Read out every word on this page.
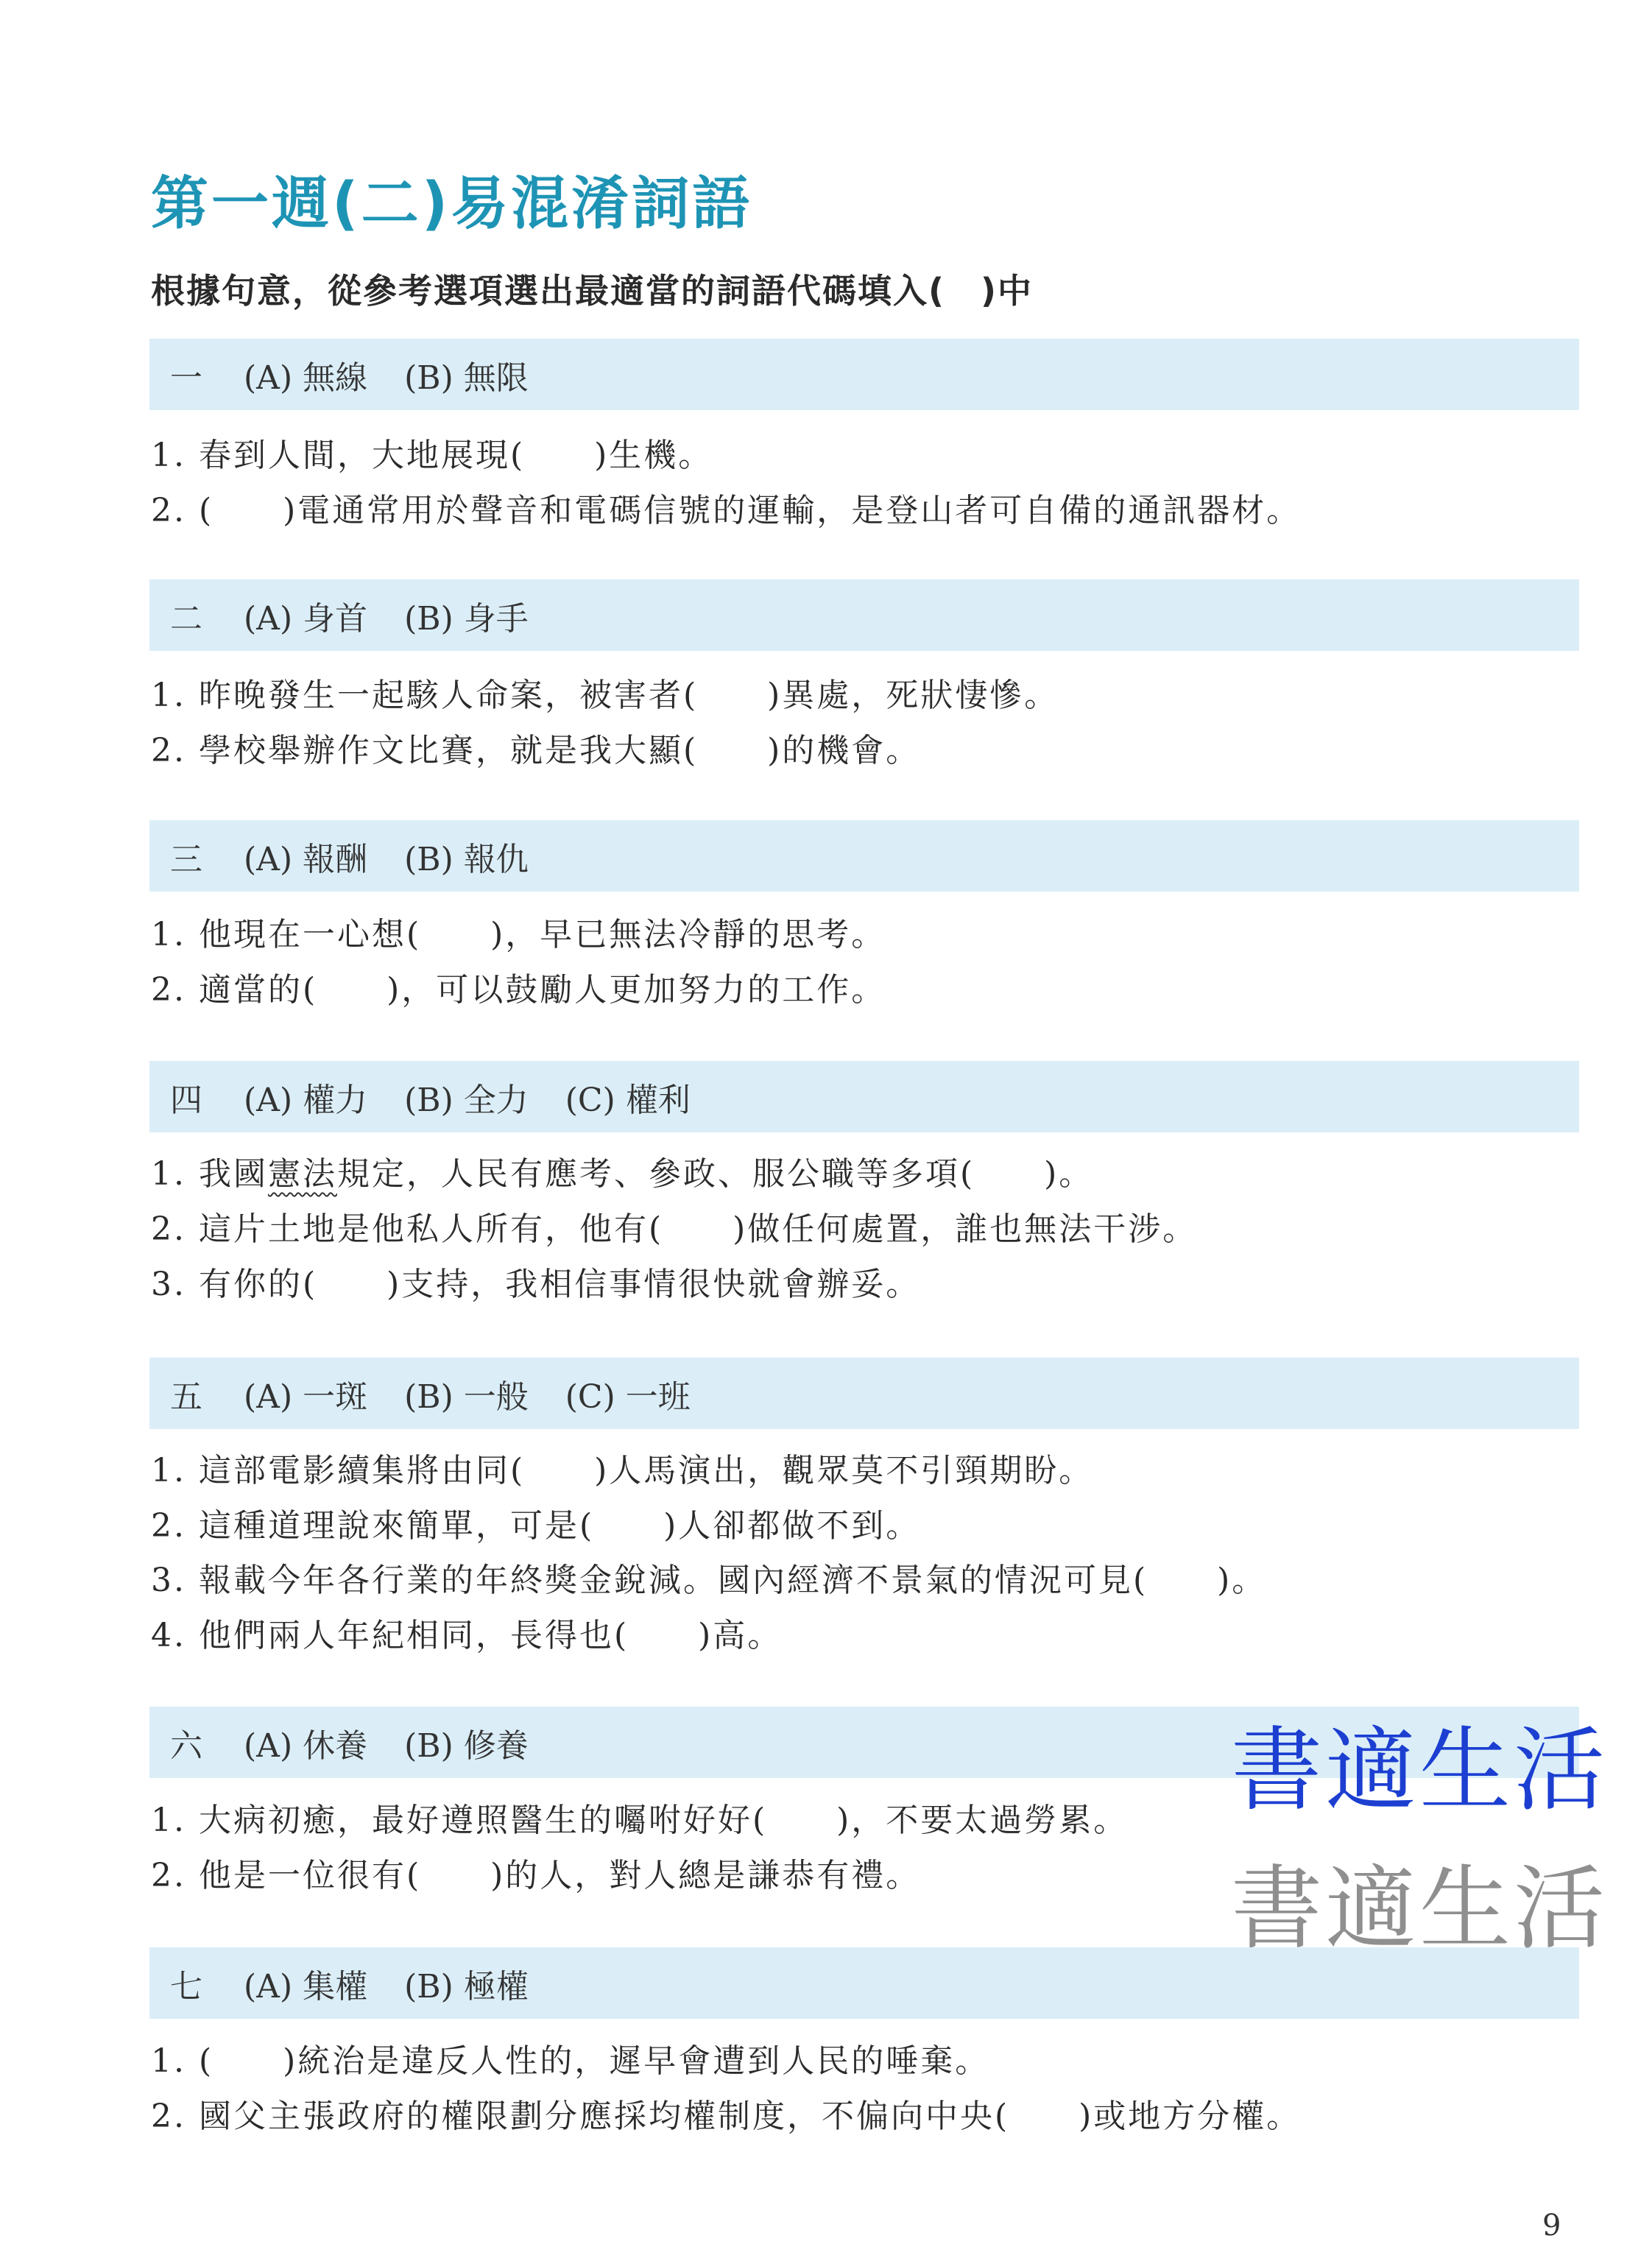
第一週(二)易混淆詞語

根據句意，從參考選項選出最適當的詞語代碼填入(　)中

一	(A) 無線 (B) 無限

1. 春到人間，大地展現(　　)生機。

2. (　　)電通常用於聲音和電碼信號的運輸，是登山者可自備的通訊器材。

二	(A) 身首 (B) 身手

1. 昨晚發生一起駭人命案，被害者(　　)異處，死狀悽慘。

2. 學校舉辦作文比賽，就是我大顯(　　)的機會。

三	(A) 報酬 (B) 報仇

1. 他現在一心想(　　)，早已無法冷靜的思考。

2. 適當的(　　)，可以鼓勵人更加努力的工作。

四	(A) 權力 (B) 全力 (C) 權利

1. 我國憲法規定，人民有應考、參政、服公職等多項(　　)。

2. 這片土地是他私人所有，他有(　　)做任何處置，誰也無法干涉。

3. 有你的(　　)支持，我相信事情很快就會辦妥。

五	(A) 一斑 (B) 一般 (C) 一班

1. 這部電影續集將由同(　　)人馬演出，觀眾莫不引頸期盼。

2. 這種道理說來簡單，可是(　　)人卻都做不到。

3. 報載今年各行業的年終獎金銳減。國內經濟不景氣的情況可見(　　)。

4. 他們兩人年紀相同，長得也(　　)高。

六	(A) 休養 (B) 修養

1. 大病初癒，最好遵照醫生的囑咐好好(　　)，不要太過勞累。

2. 他是一位很有(　　)的人，對人總是謙恭有禮。

七	(A) 集權 (B) 極權

1. (　　)統治是違反人性的，遲早會遭到人民的唾棄。

2. 國父主張政府的權限劃分應採均權制度，不偏向中央(　　)或地方分權。

書適生活
書適生活
9
